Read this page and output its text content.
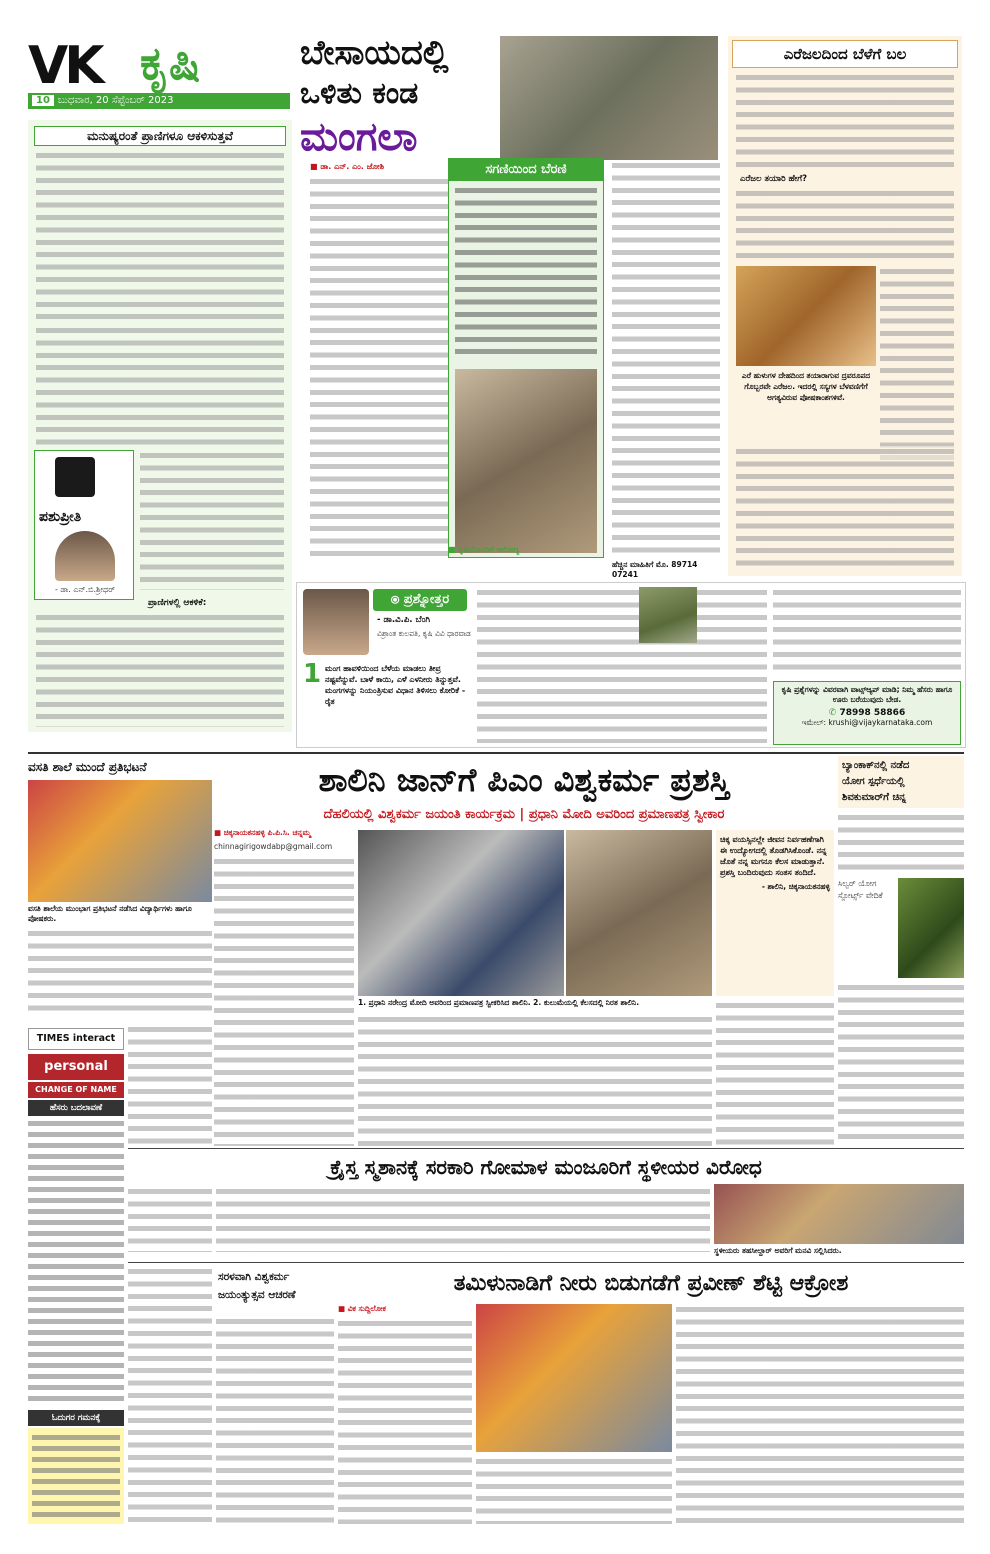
VK ಕೃಷಿ
10 ಬುಧವಾರ, 20 ಸೆಪ್ಟೆಂಬರ್ 2023
ಮನುಷ್ಯರಂತೆ ಪ್ರಾಣಿಗಳೂ ಆಕಳಿಸುತ್ತವೆ
ಪಶುಪ್ರೀತಿ
- ಡಾ. ಎನ್.ಬಿ.ಶ್ರೀಧರ್
ಪ್ರಾಣಿಗಳಲ್ಲಿ ಆಕಳಿಕೆ:
ಬೇಸಾಯದಲ್ಲಿ
ಒಳಿತು ಕಂಡ
ಮಂಗಲಾ
■ ಡಾ. ಎನ್. ಎಂ. ಜೋಶಿ	ಸಗಣಿಯಿಂದ ಬೆರಣಿ
■ ಕೃಷಿಯೊಂದಿಗೆ ಆರೋಗ್ಯ
ಹೆಚ್ಚಿನ ಮಾಹಿತಿಗೆ ಮೊ. 89714 07241
ಎರೆಜಲದಿಂದ ಬೆಳೆಗೆ ಬಲ
ಎರೆಜಲ ತಯಾರಿ ಹೇಗೆ?
ಎರೆ ಹುಳುಗಳ ದೇಹದಿಂದ ತಯಾರಾಗುವ ದ್ರವರೂಪದ ಗೊಬ್ಬರವೇ ಎರೆಜಲ. ಇದರಲ್ಲಿ ಸಸ್ಯಗಳ ಬೆಳವಣಿಗೆಗೆ ಅಗತ್ಯವಿರುವ ಪೋಷಕಾಂಶಗಳಿವೆ.
⦿ ಪ್ರಶ್ನೋತ್ತರ
- ಡಾ.ವಿ.ಪಿ. ಬೆಂಗಿ
ವಿಶ್ರಾಂತ ಕುಲಪತಿ, ಕೃಷಿ ವಿವಿ ಧಾರವಾಡ
1 ಮಂಗ ಹಾವಳಿಯಿಂದ ಬೆಳೆಯ ಮಾಡಲು ತೀವ್ರ ನಷ್ಟವೆನ್ನುವೆ. ಬಾಳೆ ಕಾಯಿ, ಎಳೆ ಎಳನೀರು ತಿನ್ನುತ್ತವೆ. ಮಂಗಗಳನ್ನು ನಿಯಂತ್ರಿಸುವ ವಿಧಾನ ತಿಳಿಸಲು ಕೋರಿಕೆ - ರೈತ
ಕೃಷಿ ಪ್ರಶ್ನೆಗಳನ್ನು ವಿವರವಾಗಿ ವಾಟ್ಸ್‌ಆ್ಯಪ್ ಮಾಡಿ; ನಿಮ್ಮ ಹೆಸರು ಹಾಗೂ ಊರು ಬರೆಯುವುದು ಬೇಡ.
✆ 78998 58866
ಇಮೇಲ್: krushi@vijaykarnataka.com
ವಸತಿ ಶಾಲೆ ಮುಂದೆ ಪ್ರತಿಭಟನೆ
ವಸತಿ ಶಾಲೆಯ ಮುಂಭಾಗ ಪ್ರತಿಭಟನೆ ನಡೆಸಿದ ವಿದ್ಯಾರ್ಥಿಗಳು ಹಾಗೂ ಪೋಷಕರು.
ಶಾಲಿನಿ ಜಾನ್‌ಗೆ ಪಿಎಂ ವಿಶ್ವಕರ್ಮ ಪ್ರಶಸ್ತಿ
ದೆಹಲಿಯಲ್ಲಿ ವಿಶ್ವಕರ್ಮ ಜಯಂತಿ ಕಾರ್ಯಕ್ರಮ | ಪ್ರಧಾನಿ ಮೋದಿ ಅವರಿಂದ ಪ್ರಮಾಣಪತ್ರ ಸ್ವೀಕಾರ
■ ಚಿಕ್ಕನಾಯಕನಹಳ್ಳಿ ಪಿ.ಪಿ.ಸಿ. ಚನ್ನಮ್ಮ
chinnagirigowdabp@gmail.com
1. ಪ್ರಧಾನಿ ನರೇಂದ್ರ ಮೋದಿ ಅವರಿಂದ ಪ್ರಮಾಣಪತ್ರ ಸ್ವೀಕರಿಸಿದ ಶಾಲಿನಿ. 2. ಕುಲುಮೆಯಲ್ಲಿ ಕೆಲಸದಲ್ಲಿ ನಿರತ ಶಾಲಿನಿ.
ಚಿಕ್ಕ ವಯಸ್ಸಿನಲ್ಲೇ ಜೀವನ ನಿರ್ವಹಣೆಗಾಗಿ ಈ ಉದ್ಯೋಗದಲ್ಲಿ ತೊಡಗಿಸಿಕೊಂಡೆ. ನನ್ನ ಜೊತೆ ನನ್ನ ಮಗನೂ ಕೆಲಸ ಮಾಡುತ್ತಾನೆ. ಪ್ರಶಸ್ತಿ ಬಂದಿರುವುದು ಸಂತಸ ತಂದಿದೆ.
- ಶಾಲಿನಿ, ಚಿಕ್ಕನಾಯಕನಹಳ್ಳಿ
ಬ್ಯಾಂಕಾಕ್‌ನಲ್ಲಿ ನಡೆದ
ಯೋಗ ಸ್ಪರ್ಧೆಯಲ್ಲಿ
ಶಿವಕುಮಾರ್‌ಗೆ ಚಿನ್ನ
ಸಿಲ್ವರ್ ಯೋಗ ಸ್ಪೋರ್ಟ್ಸ್ ವೇದಿಕೆ
TIMES interact
personal
CHANGE OF NAME
ಹೆಸರು ಬದಲಾವಣೆ
ಓದುಗರ ಗಮನಕ್ಕೆ
ಕ್ರೈಸ್ತ ಸ್ಮಶಾನಕ್ಕೆ ಸರಕಾರಿ ಗೋಮಾಳ ಮಂಜೂರಿಗೆ ಸ್ಥಳೀಯರ ವಿರೋಧ
ಸ್ಥಳೀಯರು ತಹಸೀಲ್ದಾರ್ ಅವರಿಗೆ ಮನವಿ ಸಲ್ಲಿಸಿದರು.
ಸರಳವಾಗಿ ವಿಶ್ವಕರ್ಮ
ಜಯಂತ್ಯುತ್ಸವ ಆಚರಣೆ	ತಮಿಳುನಾಡಿಗೆ ನೀರು ಬಿಡುಗಡೆಗೆ ಪ್ರವೀಣ್ ಶೆಟ್ಟಿ ಆಕ್ರೋಶ
■ ವಿಕ ಸುದ್ದಿಲೋಕ
